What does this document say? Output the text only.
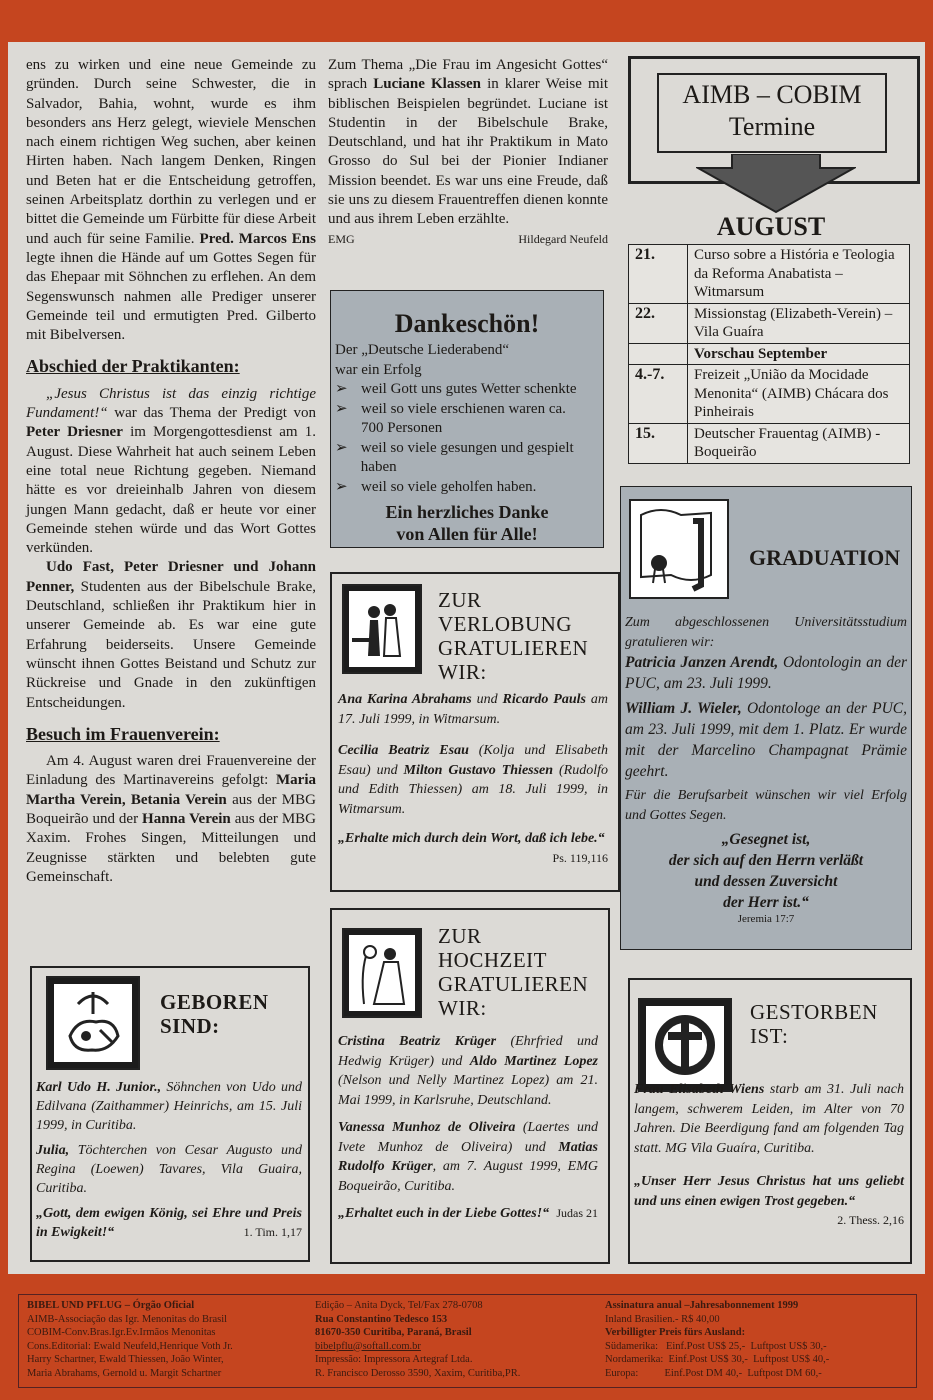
ens zu wirken und eine neue Gemeinde zu gründen. Durch seine Schwester, die in Salvador, Bahia, wohnt, wurde es ihm besonders ans Herz gelegt, wieviele Menschen nach einem richtigen Weg suchen, aber keinen Hirten haben. Nach langem Denken, Ringen und Beten hat er die Entscheidung getroffen, seinen Arbeitsplatz dorthin zu verlegen und er bittet die Gemeinde um Fürbitte für diese Arbeit und auch für seine Familie. Pred. Marcos Ens legte ihnen die Hände auf um Gottes Segen für das Ehepaar mit Söhnchen zu erflehen. An dem Segenswunsch nahmen alle Prediger unserer Gemeinde teil und ermutigten Pred. Gilberto mit Bibelversen.
Abschied der Praktikanten:
„Jesus Christus ist das einzig richtige Fundament!“ war das Thema der Predigt von Peter Driesner im Morgengottesdienst am 1. August. Diese Wahrheit hat auch seinem Leben eine total neue Richtung gegeben. Niemand hätte es vor dreieinhalb Jahren von diesem jungen Mann gedacht, daß er heute vor einer Gemeinde stehen würde und das Wort Gottes verkünden.
Udo Fast, Peter Driesner und Johann Penner, Studenten aus der Bibelschule Brake, Deutschland, schließen ihr Praktikum hier in unserer Gemeinde ab. Es war eine gute Erfahrung beiderseits. Unsere Gemeinde wünscht ihnen Gottes Beistand und Schutz zur Rückreise und Gnade in den zukünftigen Entscheidungen.
Besuch im Frauenverein:
Am 4. August waren drei Frauenvereine der Einladung des Martinavereins gefolgt: Maria Martha Verein, Betania Verein aus der MBG Boqueirão und der Hanna Verein aus der MBG Xaxim. Frohes Singen, Mitteilungen und Zeugnisse stärkten und belebten gute Gemeinschaft.
GEBOREN
SIND:
Karl Udo H. Junior., Söhnchen von Udo und Edilvana (Zaithammer) Heinrichs, am 15. Juli 1999, in Curitiba.
Julia, Töchterchen von Cesar Augusto und Regina (Loewen) Tavares, Vila Guaira, Curitiba.
„Gott, dem ewigen König, sei Ehre und Preis in Ewigkeit!“	1. Tim. 1,17
Zum Thema „Die Frau im Angesicht Gottes“ sprach Luciane Klassen in klarer Weise mit biblischen Beispielen begründet. Luciane ist Studentin in der Bibelschule Brake, Deutschland, und hat ihr Praktikum in Mato Grosso do Sul bei der Pionier Indianer Mission beendet. Es war uns eine Freude, daß sie uns zu diesem Frauentreffen dienen konnte und aus ihrem Leben erzählte.
EMG	Hildegard Neufeld
Dankeschön!
Der „Deutsche Liederabend“
war ein Erfolg
➢ weil Gott uns gutes Wetter schenkte
➢ weil so viele erschienen waren ca. 700 Personen
➢ weil so viele gesungen und gespielt haben
➢ weil so viele geholfen haben.
Ein herzliches Danke
von Allen für Alle!
ZUR
VERLOBUNG
GRATULIEREN
WIR:
Ana Karina Abrahams und Ricardo Pauls am 17. Juli 1999, in Witmarsum.
Cecilia Beatriz Esau (Kolja und Elisabeth Esau) und Milton Gustavo Thiessen (Rudolfo und Edith Thiessen) am 18. Juli 1999, in Witmarsum.
„Erhalte mich durch dein Wort, daß ich lebe.“
Ps. 119,116
ZUR
HOCHZEIT
GRATULIEREN
WIR:
Cristina Beatriz Krüger (Ehrfried und Hedwig Krüger) und Aldo Martinez Lopez (Nelson und Nelly Martinez Lopez) am 21. Mai 1999, in Karlsruhe, Deutschland.
Vanessa Munhoz de Oliveira (Laertes und Ivete Munhoz de Oliveira) und Matias Rudolfo Krüger, am 7. August 1999, EMG Boqueirão, Curitiba.
„Erhaltet euch in der Liebe Gottes!“ Judas 21
AIMB – COBIM
Termine
AUGUST
21.	Curso sobre a História e Teologia da Reforma Anabatista – Witmarsum
22.	Missionstag (Elizabeth-Verein) – Vila Guaíra
	Vorschau September
4.-7.	Freizeit „União da Mocidade Menonita“ (AIMB) Chácara dos Pinheirais
15.	Deutscher Frauentag (AIMB) - Boqueirão
GRADUATION
Zum abgeschlossenen Universitätsstudium gratulieren wir:
Patricia Janzen Arendt, Odontologin an der PUC, am 23. Juli 1999.
William J. Wieler, Odontologe an der PUC, am 23. Juli 1999, mit dem 1. Platz. Er wurde mit der Marcelino Champagnat Prämie geehrt.
Für die Berufsarbeit wünschen wir viel Erfolg und Gottes Segen.
„Gesegnet ist,
der sich auf den Herrn verläßt
und dessen Zuversicht
der Herr ist.“
Jeremia 17:7
GESTORBEN
IST:
Frau Elisabeth Wiens starb am 31. Juli nach langem, schwerem Leiden, im Alter von 70 Jahren. Die Beerdigung fand am folgenden Tag statt. MG Vila Guaíra, Curitiba.
„Unser Herr Jesus Christus hat uns geliebt und uns einen ewigen Trost gegeben.“
2. Thess. 2,16
BIBEL UND PFLUG – Órgão Oficial
AIMB-Associação das Igr. Menonitas do Brasil
COBIM-Conv.Bras.Igr.Ev.Irmãos Menonitas
Cons.Editorial: Ewald Neufeld,Henrique Voth Jr.
Harry Schartner, Ewald Thiessen, João Winter,
Maria Abrahams, Gernold u. Margit Schartner
Edição – Anita Dyck, Tel/Fax 278-0708
Rua Constantino Tedesco 153
81670-350 Curitiba, Paraná, Brasil
bibelpflu@softall.com.br
Impressão: Impressora Artegraf Ltda.
R. Francisco Derosso 3590, Xaxim, Curitiba,PR.
Assinatura anual –Jahresabonnement 1999
Inland Brasilien.- R$ 40,00
Verbilligter Preis fürs Ausland:
Südamerika:   Einf.Post US$ 25,-  Luftpost US$ 30,-
Nordamerika:  Einf.Post US$ 30,-  Luftpost US$ 40,-
Europa:          Einf.Post DM 40,-  Luftpost DM 60,-
